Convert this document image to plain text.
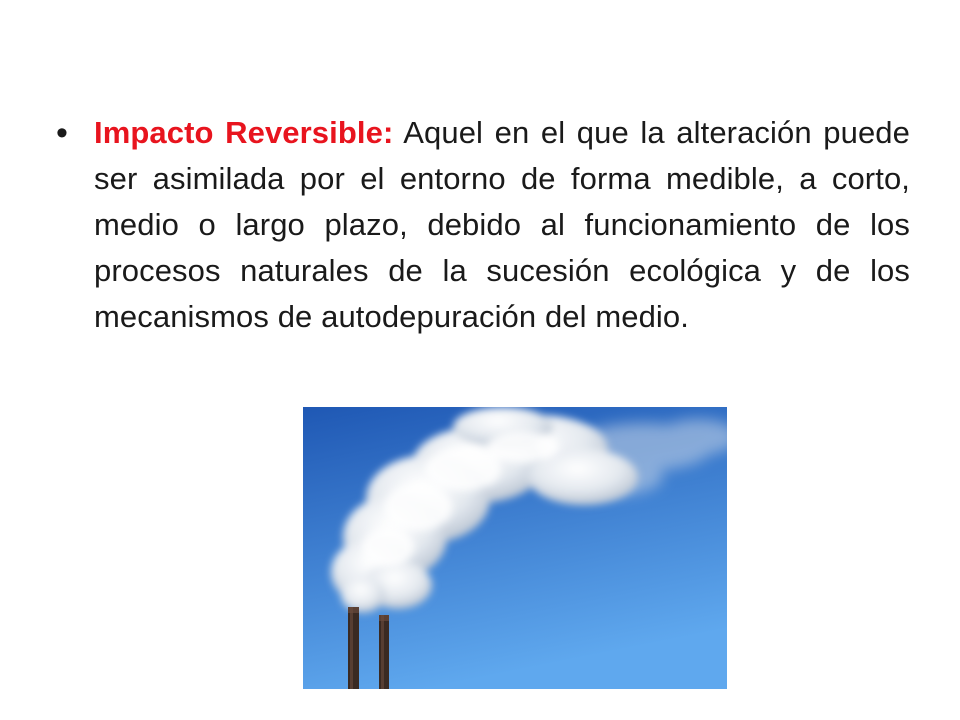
• Impacto Reversible: Aquel en el que la alteración puede ser asimilada por el entorno de forma medible, a corto, medio o largo plazo, debido al funcionamiento de los procesos naturales de la sucesión ecológica y de los mecanismos de autodepuración del medio.
